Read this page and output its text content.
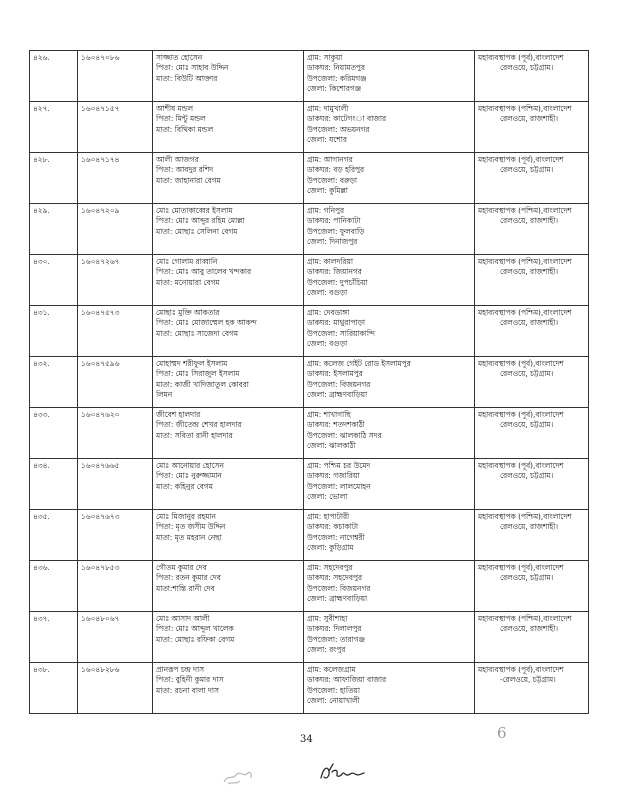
৪২৬.	১৬০৪৭০৮৬	সাজ্জাত হোসেন
পিতা: মোঃ সাহাব উদ্দিন
মাতা: বিউটি আক্তার	গ্রাম: সাকুয়া
ডাকঘর: নিয়ামতপুর
উপজেলা: করিমগঞ্জ
জেলা: কিশোরগঞ্জ	মহাব্যবস্থাপক (পূর্ব),বাংলাদেশ
রেলওয়ে, চট্টগ্রাম।

৪২৭.	১৬০৪৭১৫৭	আশীষ মন্ডল
পিতা: মিন্টু মন্ডল
মাতা: বিথিকা মন্ডল	গ্রাম: দামুখালী
ডাকঘর: কাটেগংা বাজার
উপজেলা: অভয়নগর
জেলা: যশোর	মহাব্যবস্থাপক (পশ্চিম),বাংলাদেশ
রেলওয়ে, রাজশাহী।

৪২৮.	১৬০৪৭১৭৪	আলী আজগর
পিতা: আবদুর রশিদ
মাতা: জাহানারা বেগম	গ্রাম: আগানগর
ডাকঘর: বড় হরিপুর
উপজেলা: বরুড়া
জেলা: কুমিল্লা	মহাব্যবস্থাপক (পূর্ব),বাংলাদেশ
রেলওয়ে, চট্টগ্রাম।

৪২৯.	১৬০৪৭২০৯	মোঃ মোতাকাব্বের ইসলাম
পিতা: মোঃ আব্দুর রহিম মোল্লা
মাতা: মোছাঃ সেলিনা বেগম	গ্রাম: গনিপুর
ডাকঘর: পানিকাটা
উপজেলা: ফুলবাড়ি
জেলা: দিনাজপুর	মহাব্যবস্থাপক (পশ্চিম),বাংলাদেশ
রেলওয়ে, রাজশাহী।

৪৩০.	১৬০৪৭২৬৭	মোঃ গোলাম রাব্বানি
পিতা: মোঃ আবু তালেব খন্দকার
মাতা: মনোয়ারা বেগম	গ্রাম: কালদরিয়া
ডাকঘর: জিয়ানগর
উপজেলা: দুপচাঁচিয়া
জেলা: বগুড়া	মহাব্যবস্থাপক (পশ্চিম),বাংলাদেশ
রেলওয়ে, রাজশাহী।

৪৩১.	১৬০৪৭৫৭৩	মোছাঃ মুক্তি আকতার
পিতা: মোঃ মোজাম্মেল হক আকন্দ
মাতা: মোছাঃ সাজেদা বেগম	গ্রাম: দেবডাঙ্গা
ডাকঘর: মাথুরাপাড়া
উপজেলা: সারিয়াকান্দি
জেলা: বগুড়া	মহাব্যবস্থাপক (পশ্চিম),বাংলাদেশ
রেলওয়ে, রাজশাহী।

৪৩২.	১৬০৪৭৫৯৬	মোহাম্মদ শরীফুল ইসলাম
পিতা: মোঃ সিরাজুল ইসলাম
মাতা: কাজী খাদিজাতুল কোবরা
লিমন	গ্রাম: কলেজ গেইট রোড ইসলামপুর
ডাকঘর: ইসলামপুর
উপজেলা: বিজয়নগর
জেলা: ব্রাহ্মণবাড়িয়া	মহাব্যবস্থাপক (পূর্ব),বাংলাদেশ
রেলওয়ে, চট্টগ্রাম।

৪৩৩.	১৬০৪৭৬২০	জীবেশ হালদার
পিতা: জীতেন্দ্র শেখর হালদার
মাতা: সবিতা রানী হালদার	গ্রাম: শাখাগাছি
ডাকঘর: শতদশকাঠী
উপজেলা: ঝালকাঠি সদর
জেলা: ঝালকাঠী	মহাব্যবস্থাপক (পূর্ব),বাংলাদেশ
রেলওয়ে, চট্টগ্রাম।

৪৩৪.	১৬০৪৭৬৬৫	মোঃ আনোয়ার হোসেন
পিতা: মোঃ নুরুজ্জামান
মাতা: কহিনুর বেগম	গ্রাম: পশ্চিম চর উমেদ
ডাকঘর: গজারিয়া
উপজেলা: লালমোহন
জেলা: ভোলা	মহাব্যবস্থাপক (পূর্ব),বাংলাদেশ
রেলওয়ে, চট্টগ্রাম।

৪৩৫.	১৬০৪৭৬৭৩	মোঃ মিজানুর রহমান
পিতা: মৃত জসীম উদ্দিন
মাতা: মৃত মহরান নেছা	গ্রাম: হাপাটারী
ডাকঘর: কচাকাটা
উপজেলা: নাগেশ্বরী
জেলা: কুড়িগ্রাম	মহাব্যবস্থাপক (পশ্চিম),বাংলাদেশ
রেলওয়ে, রাজশাহী।

৪৩৬.	১৬০৪৭৮৫৩	গৌতম কুমার দেব
পিতা: রতন কুমার দেব
মাতা:শান্তি রানী দেব	গ্রাম: সহদেবপুর
ডাকঘর: সহদেবপুর
উপজেলা: বিজয়নগর
জেলা: ব্রাহ্মণবাড়িয়া	মহাব্যবস্থাপক (পূর্ব),বাংলাদেশ
রেলওয়ে, চট্টগ্রাম।

৪৩৭.	১৬০৪৮০৬৭	মোঃ আসাদ আলী
পিতা: মোঃ আব্দুল খালেক
মাতা: মোছাঃ রফিকা বেগম	গ্রাম: সুবীশাহা
ডাকঘর: দিলালপুর
উপজেলা: তারাগঞ্জ
জেলা: রংপুর	মহাব্যবস্থাপক (পশ্চিম),বাংলাদেশ
রেলওয়ে, রাজশাহী।

৪৩৮.	১৬০৪৮২৮৬	প্রানরূপ চন্দ্র দাস
পিতা: বুহিনী কুমার দাস
মাতা: রচনা বালা দাস	গ্রাম: কলেজগ্রাম
ডাকঘর: আফাজিয়া বাজার
উপজেলা: হাতিয়া
জেলা: নোয়াখালী	মহাব্যবস্থাপক (পূর্ব),বাংলাদেশ
-রেলওয়ে, চট্টগ্রাম।
6
34
